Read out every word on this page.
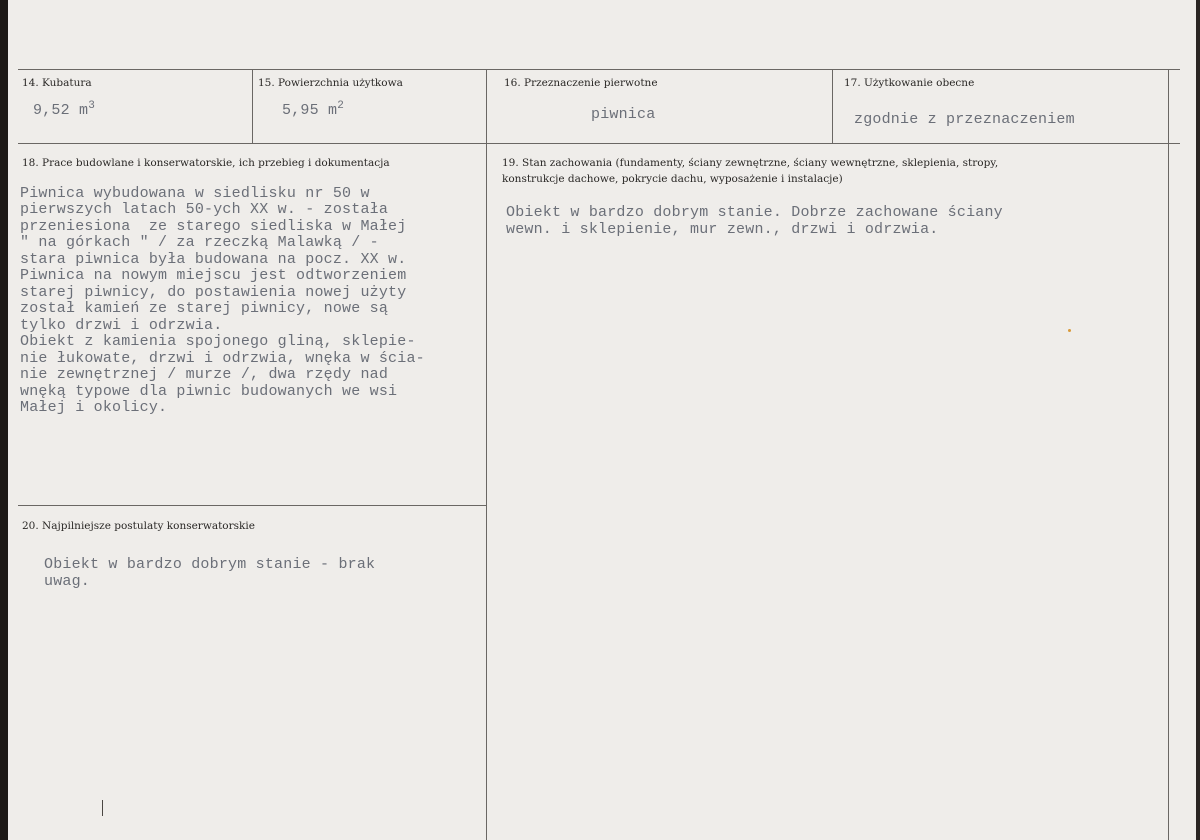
14. Kubatura
9,52 $m^3$
15. Powierzchnia użytkowa
5,95 $m^2$
16. Przeznaczenie pierwotne
piwnica
17. Użytkowanie obecne
zgodnie z przeznaczeniem
18. Prace budowlane i konserwatorskie, ich przebieg i dokumentacja
Piwnica wybudowana w siedlisku nr 50 w
pierwszych latach 50-ych XX w. - została
przeniesiona  ze starego siedliska w Małej
" na górkach " / za rzeczką Malawką / -
stara piwnica była budowana na pocz. XX w.
Piwnica na nowym miejscu jest odtworzeniem
starej piwnicy, do postawienia nowej użyty
został kamień ze starej piwnicy, nowe są
tylko drzwi i odrzwia.
Obiekt z kamienia spojonego gliną, sklepie-
nie łukowate, drzwi i odrzwia, wnęka w ścia-
nie zewnętrznej / murze /, dwa rzędy nad
wnęką typowe dla piwnic budowanych we wsi
Małej i okolicy.
19. Stan zachowania (fundamenty, ściany zewnętrzne, ściany wewnętrzne, sklepienia, stropy,
konstrukcje dachowe, pokrycie dachu, wyposażenie i instalacje)
Obiekt w bardzo dobrym stanie. Dobrze zachowane ściany
wewn. i sklepienie, mur zewn., drzwi i odrzwia.
20. Najpilniejsze postulaty konserwatorskie
Obiekt w bardzo dobrym stanie - brak
uwag.
